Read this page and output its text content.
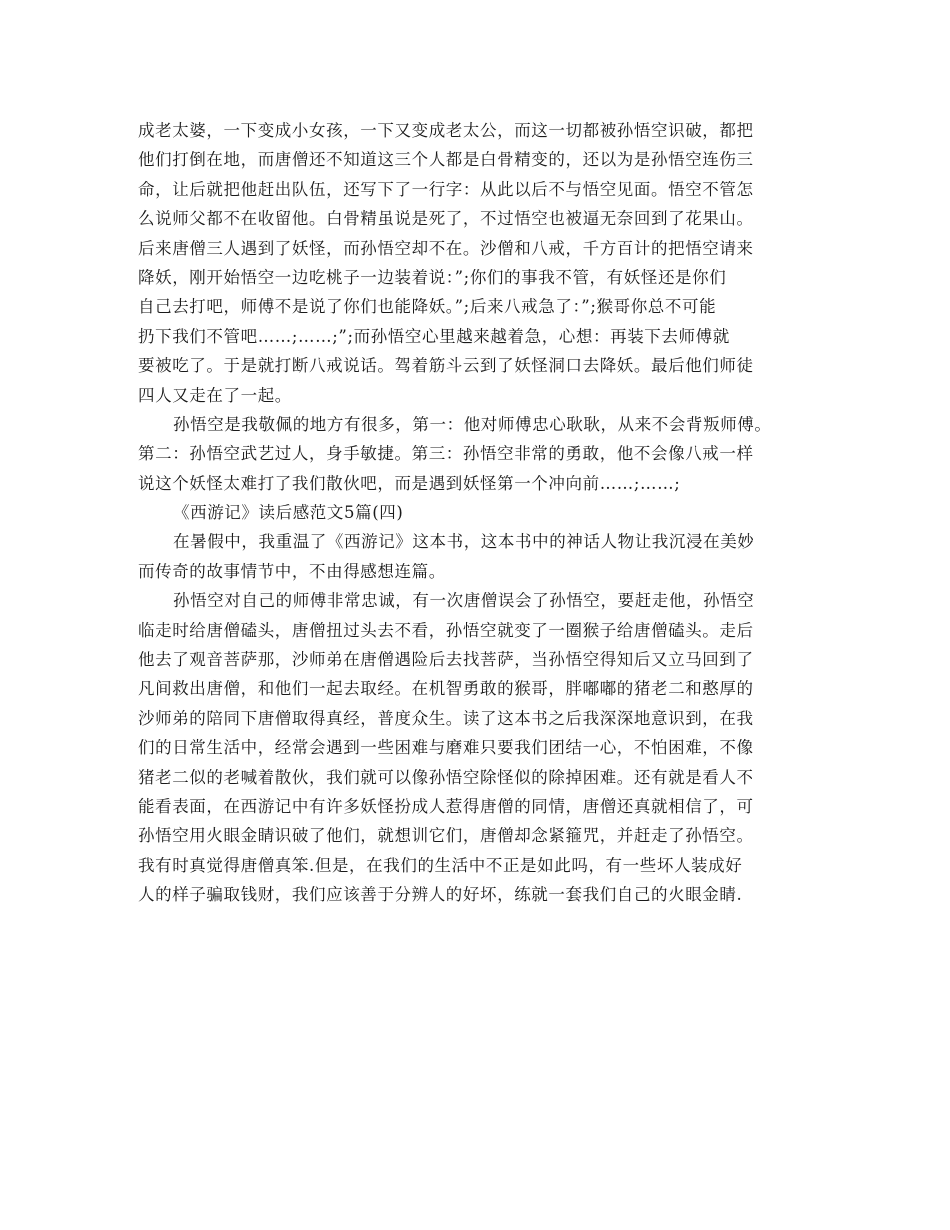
成老太婆，一下变成小女孩，一下又变成老太公，而这一切都被孙悟空识破，都把
他们打倒在地，而唐僧还不知道这三个人都是白骨精变的，还以为是孙悟空连伤三
命，让后就把他赶出队伍，还写下了一行字：从此以后不与悟空见面。悟空不管怎
么说师父都不在收留他。白骨精虽说是死了，不过悟空也被逼无奈回到了花果山。
后来唐僧三人遇到了妖怪，而孙悟空却不在。沙僧和八戒，千方百计的把悟空请来
降妖，刚开始悟空一边吃桃子一边装着说：”;你们的事我不管，有妖怪还是你们
自己去打吧，师傅不是说了你们也能降妖。”;后来八戒急了：”;猴哥你总不可能
扔下我们不管吧……;……;”;而孙悟空心里越来越着急，心想：再装下去师傅就
要被吃了。于是就打断八戒说话。驾着筋斗云到了妖怪洞口去降妖。最后他们师徒
四人又走在了一起。
孙悟空是我敬佩的地方有很多，第一：他对师傅忠心耿耿，从来不会背叛师傅。
第二：孙悟空武艺过人，身手敏捷。第三：孙悟空非常的勇敢，他不会像八戒一样
说这个妖怪太难打了我们散伙吧，而是遇到妖怪第一个冲向前……;……;
《西游记》读后感范文5篇(四)
在暑假中，我重温了《西游记》这本书，这本书中的神话人物让我沉浸在美妙
而传奇的故事情节中，不由得感想连篇。
孙悟空对自己的师傅非常忠诚，有一次唐僧误会了孙悟空，要赶走他，孙悟空
临走时给唐僧磕头，唐僧扭过头去不看，孙悟空就变了一圈猴子给唐僧磕头。走后
他去了观音菩萨那，沙师弟在唐僧遇险后去找菩萨，当孙悟空得知后又立马回到了
凡间救出唐僧，和他们一起去取经。在机智勇敢的猴哥，胖嘟嘟的猪老二和憨厚的
沙师弟的陪同下唐僧取得真经，普度众生。读了这本书之后我深深地意识到，在我
们的日常生活中，经常会遇到一些困难与磨难只要我们团结一心，不怕困难，不像
猪老二似的老喊着散伙，我们就可以像孙悟空除怪似的除掉困难。还有就是看人不
能看表面，在西游记中有许多妖怪扮成人惹得唐僧的同情，唐僧还真就相信了，可
孙悟空用火眼金睛识破了他们，就想训它们，唐僧却念紧箍咒，并赶走了孙悟空。
我有时真觉得唐僧真笨.但是，在我们的生活中不正是如此吗，有一些坏人装成好
人的样子骗取钱财，我们应该善于分辨人的好坏，练就一套我们自己的火眼金睛.
